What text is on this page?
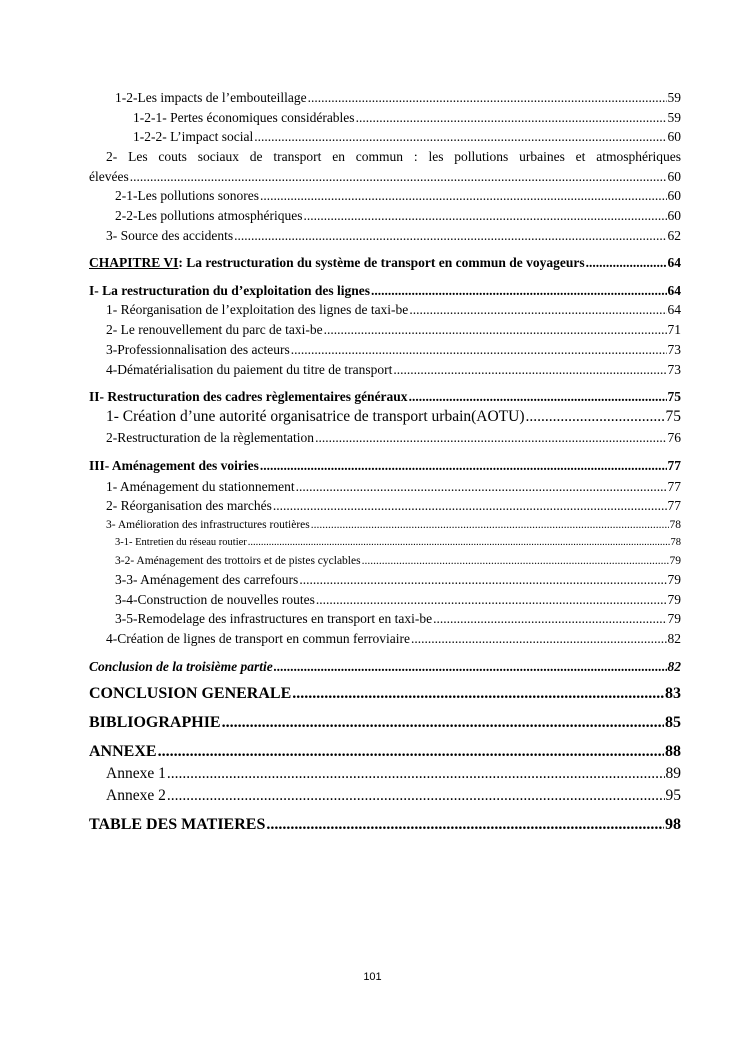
1-2-Les impacts de l’embouteillage .....	59
1-2-1- Pertes économiques considérables .....	59
1-2-2- L’impact social .....	60
2- Les couts sociaux de transport en commun : les pollutions urbaines et atmosphériques
élevées .....	60
2-1-Les pollutions sonores .....	60
2-2-Les pollutions atmosphériques .....	60
3- Source des accidents .....	62
CHAPITRE VI: La restructuration du système de transport en commun de voyageurs .....	64
I- La restructuration du d’exploitation des lignes .....	64
1- Réorganisation de l’exploitation des lignes de taxi-be .....	64
2- Le renouvellement du parc de taxi-be .....	71
3-Professionnalisation des acteurs .....	73
4-Dématérialisation du paiement du titre de transport .....	73
II- Restructuration des cadres règlementaires généraux .....	75
1- Création d’une autorité organisatrice de transport urbain(AOTU) .....	75
2-Restructuration de la règlementation .....	76
III- Aménagement des voiries .....	77
1- Aménagement du stationnement .....	77
2- Réorganisation des marchés .....	77
3- Amélioration des infrastructures routières .....	78
3-1- Entretien du réseau routier .....	78
3-2- Aménagement des trottoirs et de pistes cyclables .....	79
3-3- Aménagement des carrefours .....	79
3-4-Construction de nouvelles routes .....	79
3-5-Remodelage des infrastructures en transport en taxi-be .....	79
4-Création de lignes de transport en commun ferroviaire .....	82
Conclusion de la troisième partie .....	82
CONCLUSION GENERALE .....	83
BIBLIOGRAPHIE .....	85
ANNEXE .....	88
Annexe 1 .....	89
Annexe 2 .....	95
TABLE DES MATIERES .....	98
101
